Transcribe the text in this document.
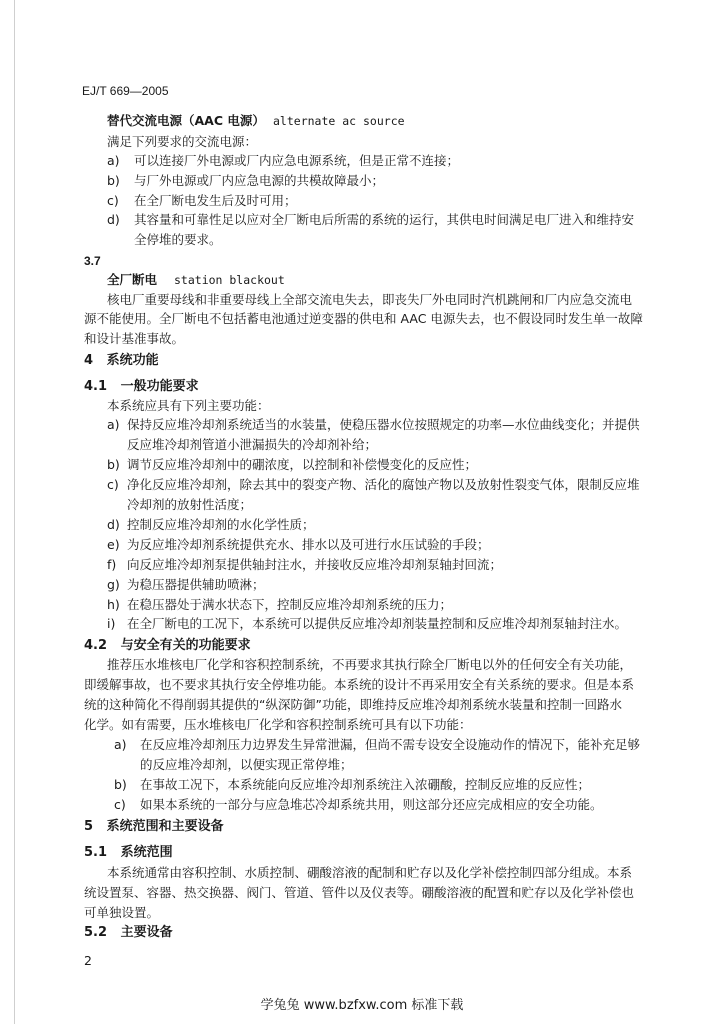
EJ/T 669—2005
替代交流电源（AAC 电源） alternate ac source
满足下列要求的交流电源：
a) 可以连接厂外电源或厂内应急电源系统，但是正常不连接；
b) 与厂外电源或厂内应急电源的共模故障最小；
c) 在全厂断电发生后及时可用；
d) 其容量和可靠性足以应对全厂断电后所需的系统的运行，其供电时间满足电厂进入和维持安
全停堆的要求。
3.7
全厂断电 station blackout
核电厂重要母线和非重要母线上全部交流电失去，即丧失厂外电同时汽机跳闸和厂内应急交流电
源不能使用。全厂断电不包括蓄电池通过逆变器的供电和 AAC 电源失去，也不假设同时发生单一故障
和设计基准事故。
4 系统功能
4.1 一般功能要求
本系统应具有下列主要功能：
a) 保持反应堆冷却剂系统适当的水装量，使稳压器水位按照规定的功率—水位曲线变化；并提供
反应堆冷却剂管道小泄漏损失的冷却剂补给；
b) 调节反应堆冷却剂中的硼浓度，以控制和补偿慢变化的反应性；
c) 净化反应堆冷却剂，除去其中的裂变产物、活化的腐蚀产物以及放射性裂变气体，限制反应堆
冷却剂的放射性活度；
d) 控制反应堆冷却剂的水化学性质；
e) 为反应堆冷却剂系统提供充水、排水以及可进行水压试验的手段；
f) 向反应堆冷却剂泵提供轴封注水，并接收反应堆冷却剂泵轴封回流；
g) 为稳压器提供辅助喷淋；
h) 在稳压器处于满水状态下，控制反应堆冷却剂系统的压力；
i) 在全厂断电的工况下，本系统可以提供反应堆冷却剂装量控制和反应堆冷却剂泵轴封注水。
4.2 与安全有关的功能要求
推荐压水堆核电厂化学和容积控制系统，不再要求其执行除全厂断电以外的任何安全有关功能，
即缓解事故，也不要求其执行安全停堆功能。本系统的设计不再采用安全有关系统的要求。但是本系
统的这种简化不得削弱其提供的“纵深防御”功能，即维持反应堆冷却剂系统水装量和控制一回路水
化学。如有需要，压水堆核电厂化学和容积控制系统可具有以下功能：
a) 在反应堆冷却剂压力边界发生异常泄漏，但尚不需专设安全设施动作的情况下，能补充足够
的反应堆冷却剂，以便实现正常停堆；
b) 在事故工况下，本系统能向反应堆冷却剂系统注入浓硼酸，控制反应堆的反应性；
c) 如果本系统的一部分与应急堆芯冷却系统共用，则这部分还应完成相应的安全功能。
5 系统范围和主要设备
5.1 系统范围
本系统通常由容积控制、水质控制、硼酸溶液的配制和贮存以及化学补偿控制四部分组成。本系
统设置泵、容器、热交换器、阀门、管道、管件以及仪表等。硼酸溶液的配置和贮存以及化学补偿也
可单独设置。
5.2 主要设备
2
学兔兔 www.bzfxw.com 标准下载
